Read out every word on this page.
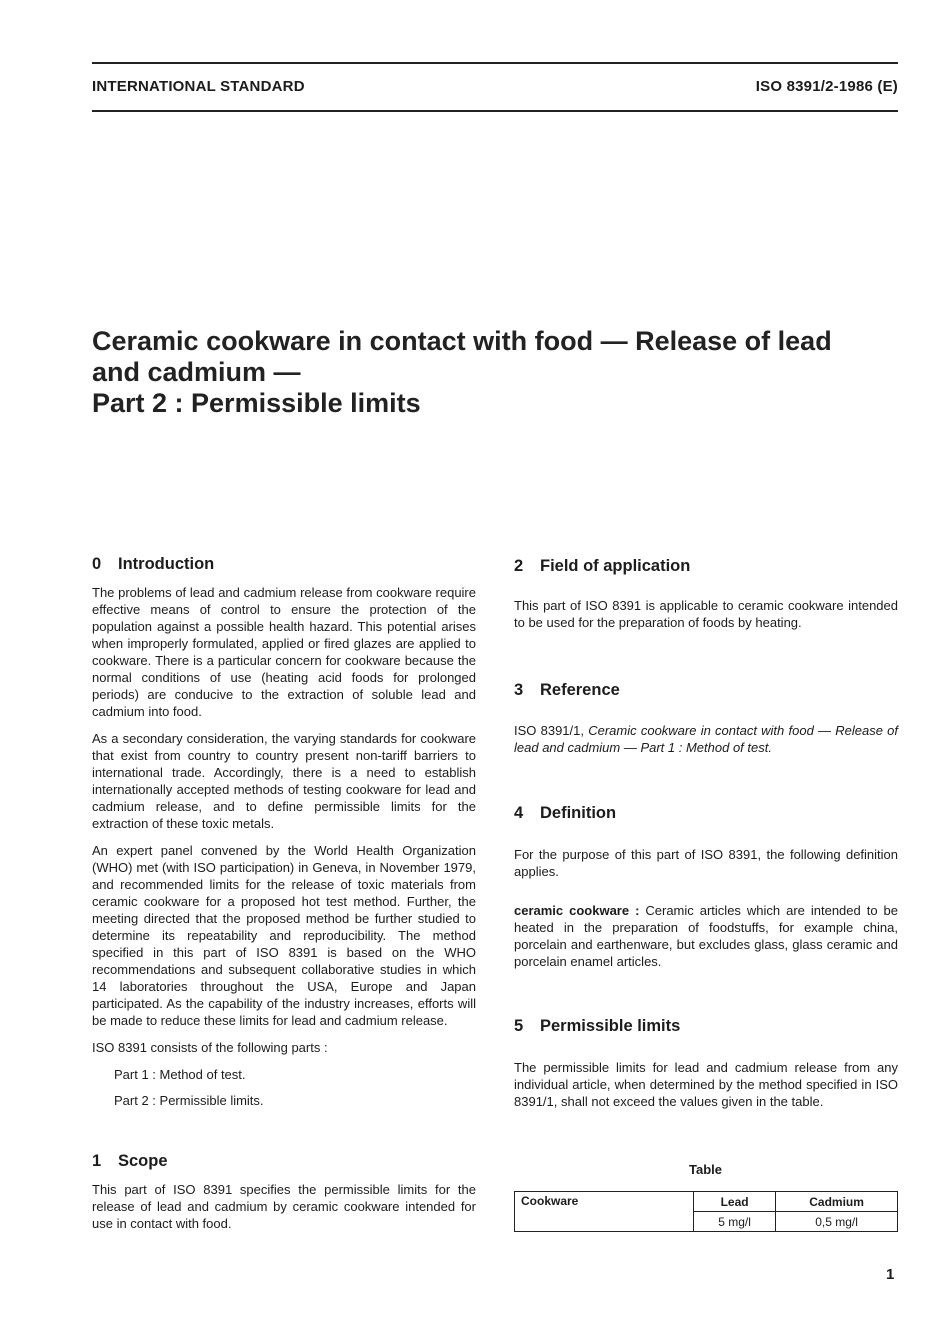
INTERNATIONAL STANDARD	ISO 8391/2-1986 (E)
Ceramic cookware in contact with food — Release of lead
and cadmium —
Part 2 : Permissible limits
0 Introduction

The problems of lead and cadmium release from cookware require effective means of control to ensure the protection of the population against a possible health hazard. This potential arises when improperly formulated, applied or fired glazes are applied to cookware. There is a particular concern for cookware because the normal conditions of use (heating acid foods for prolonged periods) are conducive to the extraction of soluble lead and cadmium into food.

As a secondary consideration, the varying standards for cookware that exist from country to country present non-tariff barriers to international trade. Accordingly, there is a need to establish internationally accepted methods of testing cookware for lead and cadmium release, and to define permissible limits for the extraction of these toxic metals.

An expert panel convened by the World Health Organization (WHO) met (with ISO participation) in Geneva, in November 1979, and recommended limits for the release of toxic materials from ceramic cookware for a proposed hot test method. Further, the meeting directed that the proposed method be further studied to determine its repeatability and reproducibility. The method specified in this part of ISO 8391 is based on the WHO recommendations and subsequent collaborative studies in which 14 laboratories throughout the USA, Europe and Japan participated. As the capability of the industry increases, efforts will be made to reduce these limits for lead and cadmium release.

ISO 8391 consists of the following parts :

Part 1 : Method of test.

Part 2 : Permissible limits.

1 Scope

This part of ISO 8391 specifies the permissible limits for the release of lead and cadmium by ceramic cookware intended for use in contact with food.

2 Field of application

This part of ISO 8391 is applicable to ceramic cookware intended to be used for the preparation of foods by heating.

3 Reference

ISO 8391/1, Ceramic cookware in contact with food — Release of lead and cadmium — Part 1 : Method of test.

4 Definition

For the purpose of this part of ISO 8391, the following definition applies.

ceramic cookware : Ceramic articles which are intended to be heated in the preparation of foodstuffs, for example china, porcelain and earthenware, but excludes glass, glass ceramic and porcelain enamel articles.

5 Permissible limits

The permissible limits for lead and cadmium release from any individual article, when determined by the method specified in ISO 8391/1, shall not exceed the values given in the table.

Table
Cookware	Lead	Cadmium
	5 mg/l	0,5 mg/l
1
